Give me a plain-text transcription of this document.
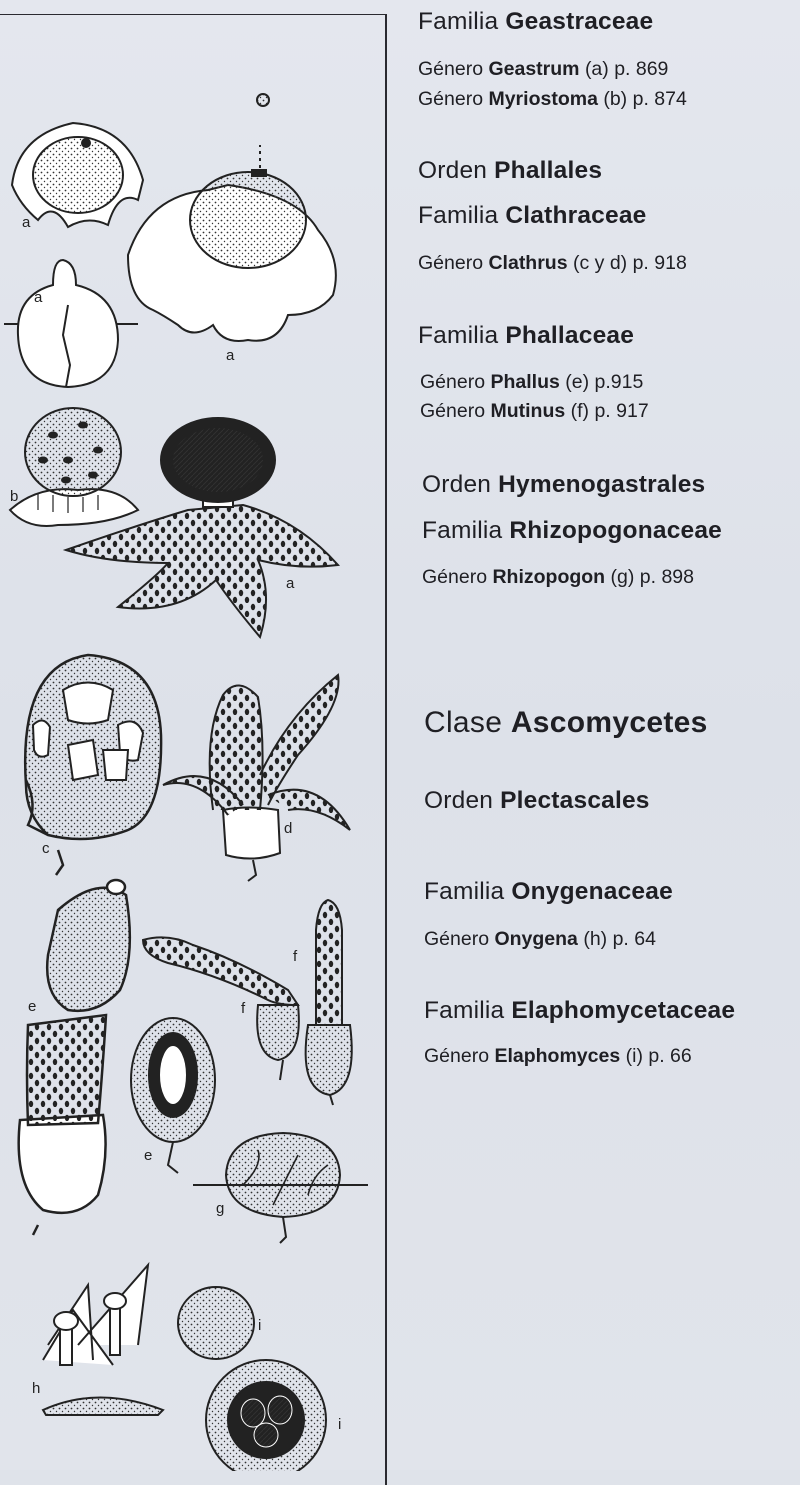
a
a
a
b
a
c
d
e	f
f
e
g
h
i
i
Familia Geastraceae
Género Geastrum (a) p. 869
Género Myriostoma (b) p. 874
Orden Phallales
Familia Clathraceae
Género Clathrus (c y d) p. 918
Familia Phallaceae
Género Phallus (e) p.915
Género Mutinus (f) p. 917
Orden Hymenogastrales
Familia Rhizopogonaceae
Género Rhizopogon (g) p. 898
Clase Ascomycetes
Orden Plectascales
Familia Onygenaceae
Género Onygena (h) p. 64
Familia Elaphomycetaceae
Género Elaphomyces (i) p. 66
